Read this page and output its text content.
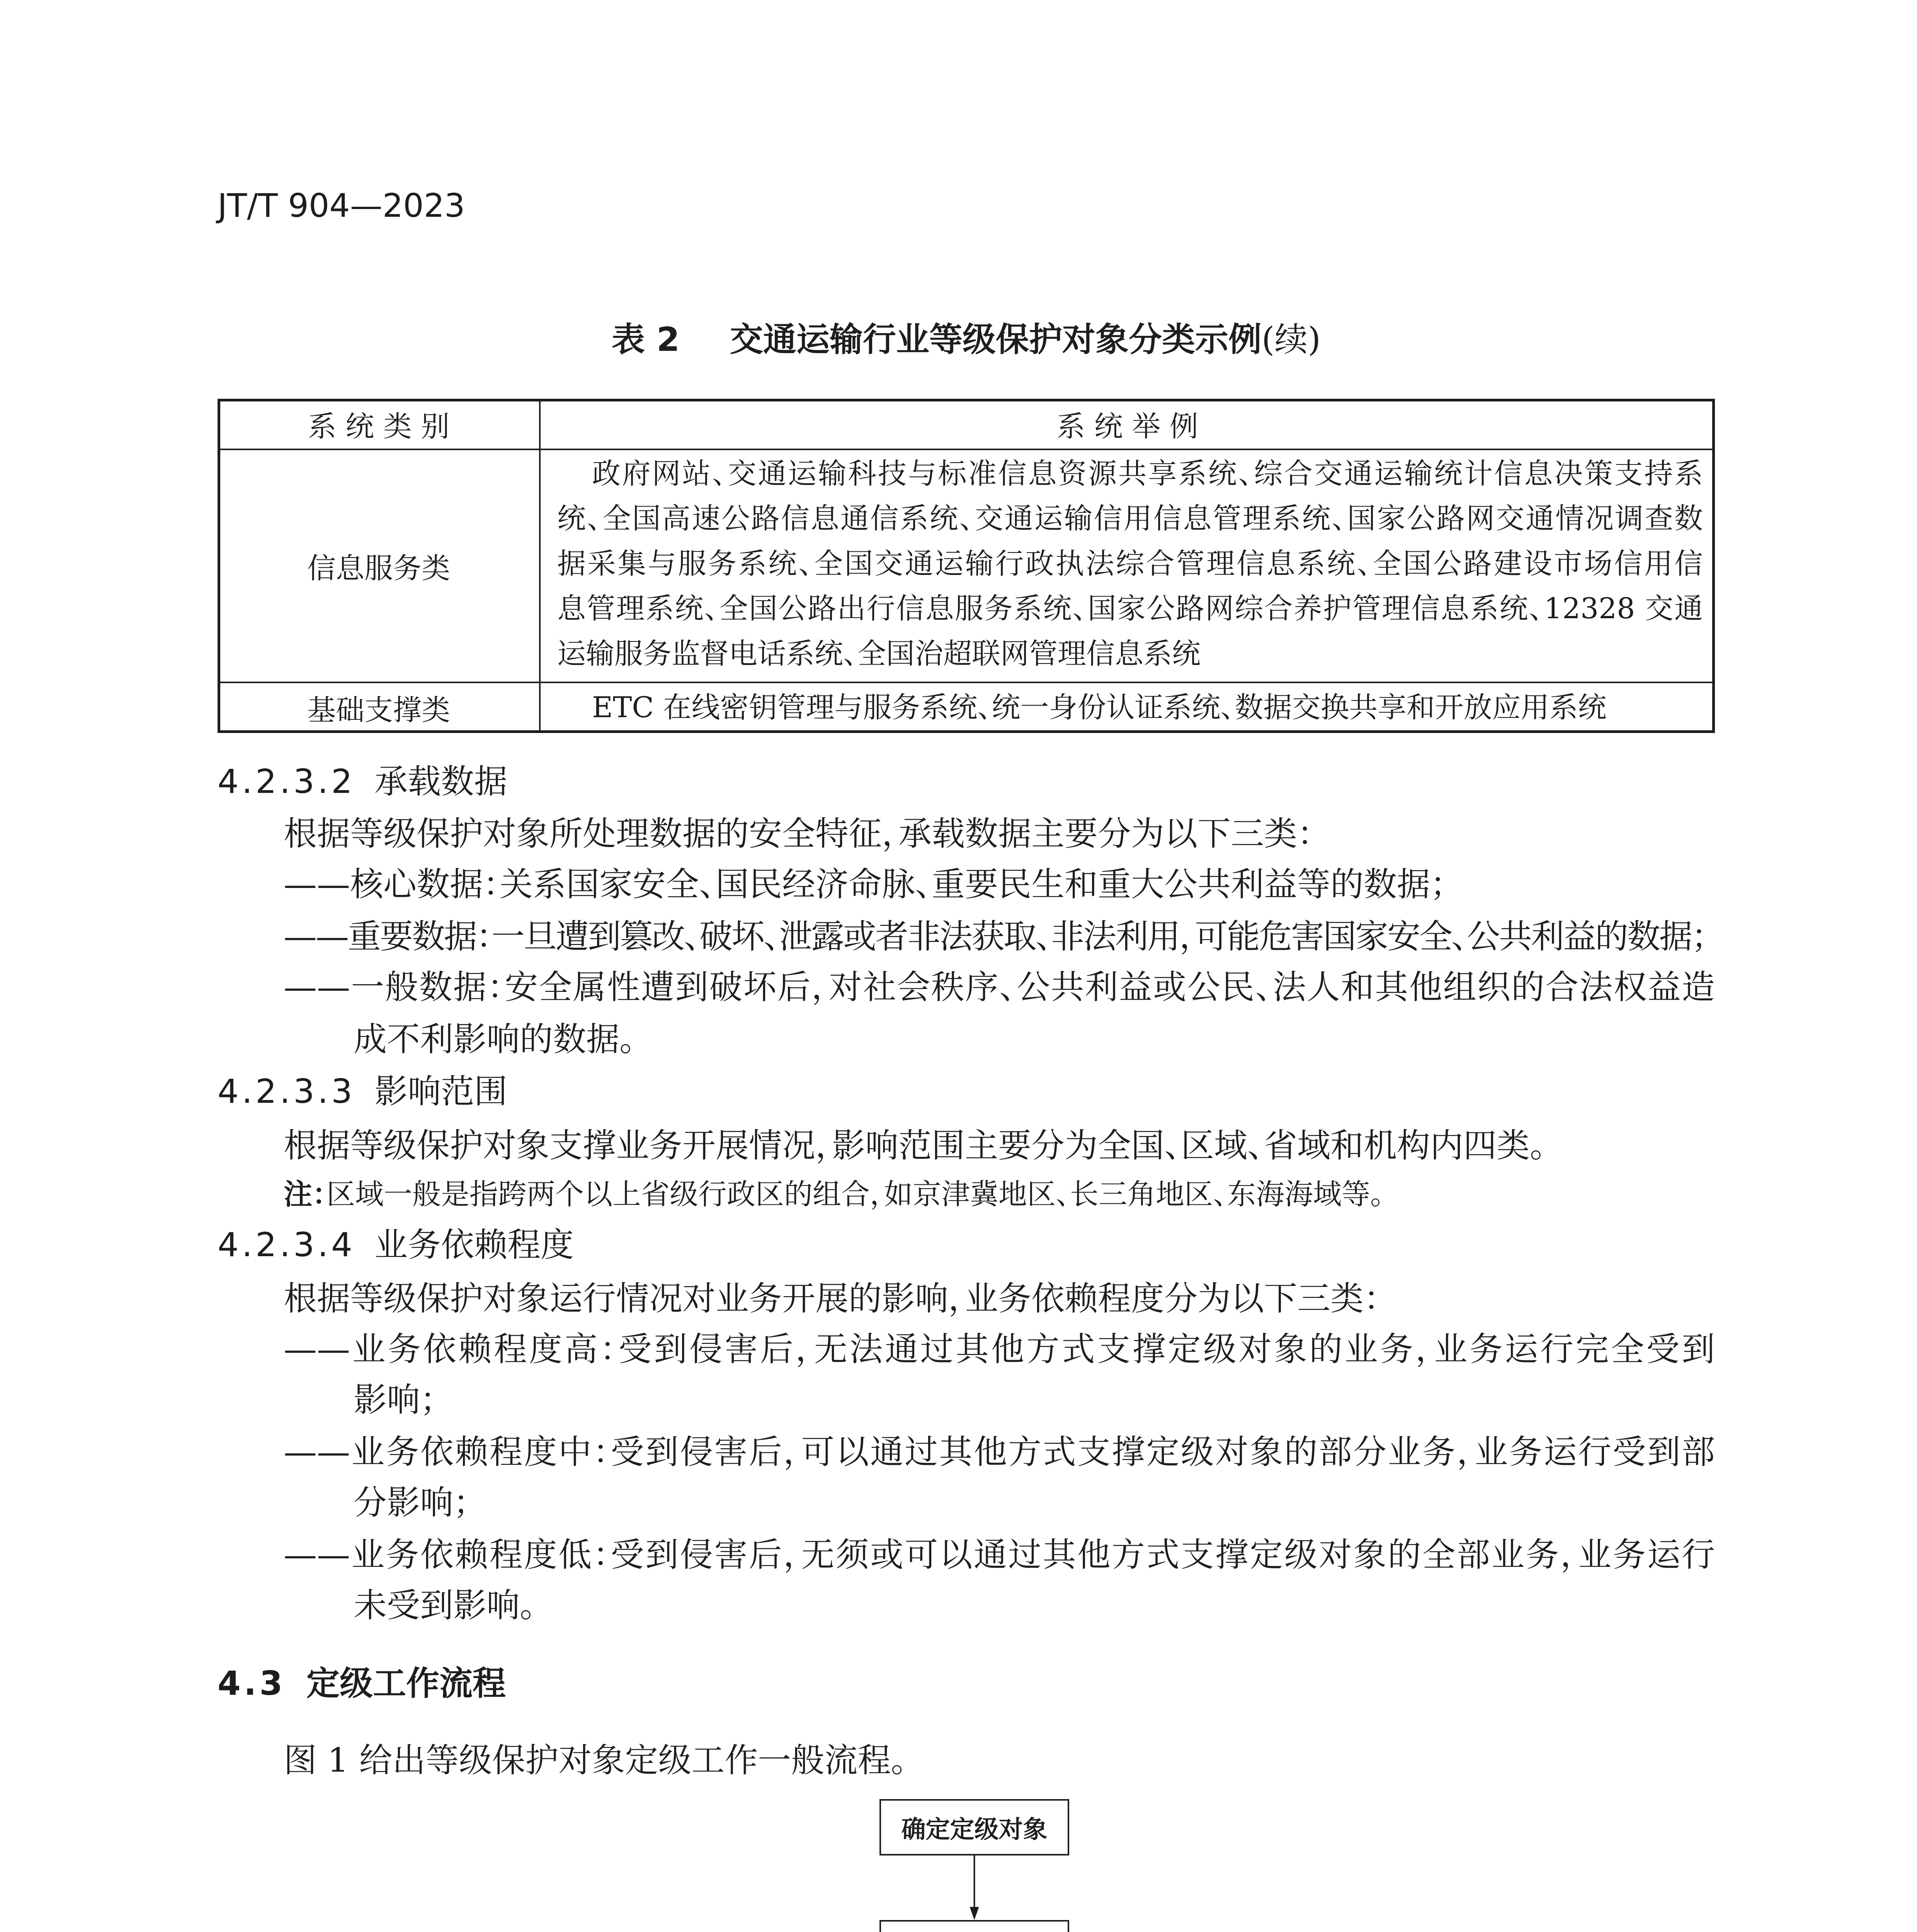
JT/T 904—2023
表 2 交通运输行业等级保护对象分类示例(续)
系 统 类 别	系 统 举 例
信息服务类
政府网站、交通运输科技与标准信息资源共享系统、综合交通运输统计信息决策支持系
统、全国高速公路信息通信系统、交通运输信用信息管理系统、国家公路网交通情况调查数
据采集与服务系统、全国交通运输行政执法综合管理信息系统、全国公路建设市场信用信
息管理系统、全国公路出行信息服务系统、国家公路网综合养护管理信息系统、12328 交通
运输服务监督电话系统、全国治超联网管理信息系统
基础支撑类	ETC 在线密钥管理与服务系统、统一身份认证系统、数据交换共享和开放应用系统
4.2.3.2 承载数据
根据等级保护对象所处理数据的安全特征，承载数据主要分为以下三类：
——核心数据：关系国家安全、国民经济命脉、重要民生和重大公共利益等的数据；
——重要数据：一旦遭到篡改、破坏、泄露或者非法获取、非法利用，可能危害国家安全、公共利益的数据；
——一般数据：安全属性遭到破坏后，对社会秩序、公共利益或公民、法人和其他组织的合法权益造
成不利影响的数据。
4.2.3.3 影响范围
根据等级保护对象支撑业务开展情况，影响范围主要分为全国、区域、省域和机构内四类。
注：区域一般是指跨两个以上省级行政区的组合，如京津冀地区、长三角地区、东海海域等。
4.2.3.4 业务依赖程度
根据等级保护对象运行情况对业务开展的影响，业务依赖程度分为以下三类：
——业务依赖程度高：受到侵害后，无法通过其他方式支撑定级对象的业务，业务运行完全受到
影响；
——业务依赖程度中：受到侵害后，可以通过其他方式支撑定级对象的部分业务，业务运行受到部
分影响；
——业务依赖程度低：受到侵害后，无须或可以通过其他方式支撑定级对象的全部业务，业务运行
未受到影响。
4.3 定级工作流程
图 1 给出等级保护对象定级工作一般流程。
确定定级对象
